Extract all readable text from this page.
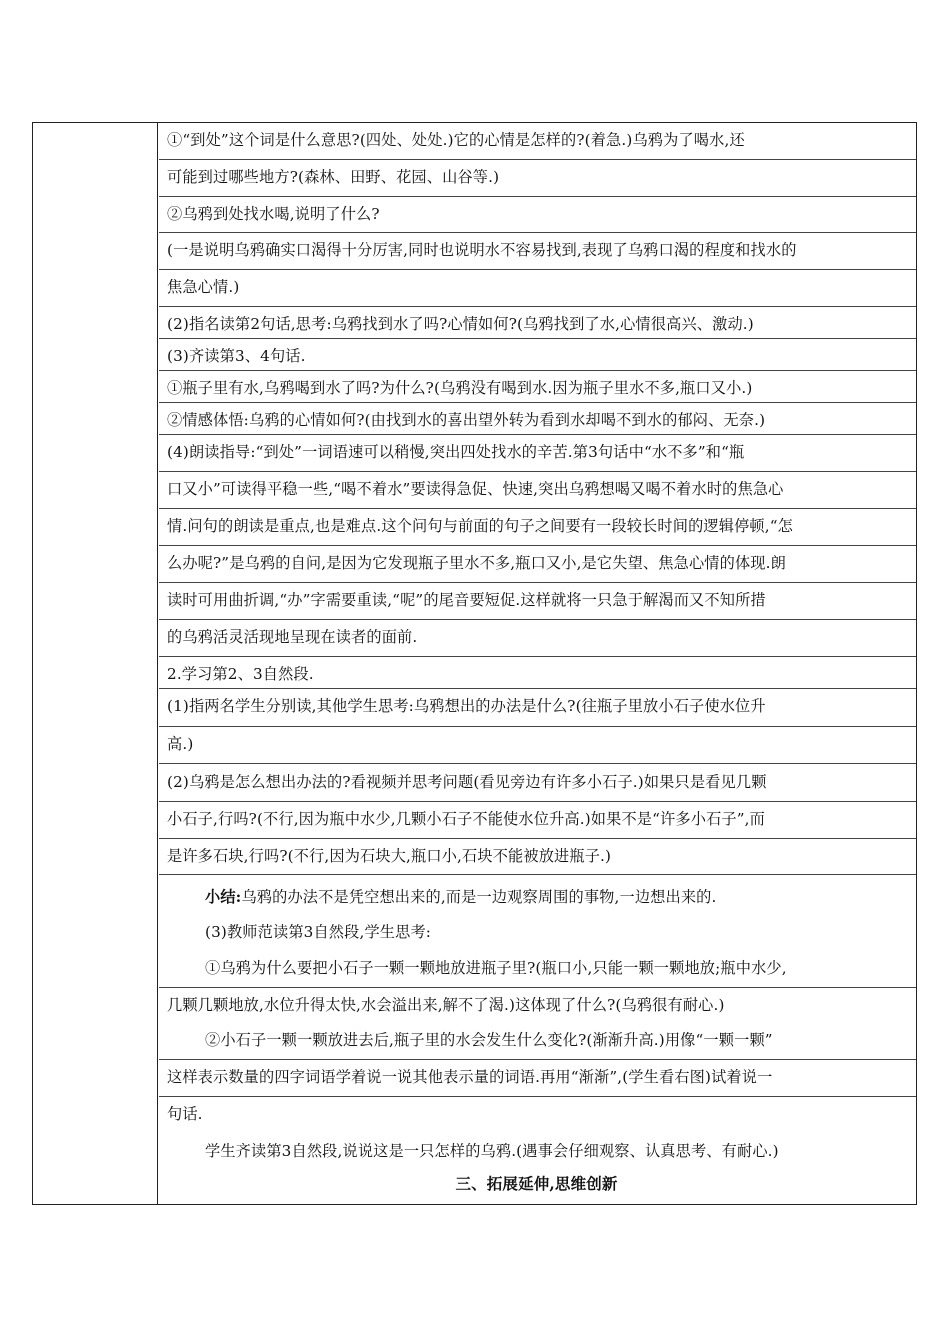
①“到处”这个词是什么意思?(四处、处处.)它的心情是怎样的?(着急.)乌鸦为了喝水,还
可能到过哪些地方?(森林、田野、花园、山谷等.)
②乌鸦到处找水喝,说明了什么?
(一是说明乌鸦确实口渴得十分厉害,同时也说明水不容易找到,表现了乌鸦口渴的程度和找水的
焦急心情.)
(2)指名读第2句话,思考:乌鸦找到水了吗?心情如何?(乌鸦找到了水,心情很高兴、激动.)
(3)齐读第3、4句话.
①瓶子里有水,乌鸦喝到水了吗?为什么?(乌鸦没有喝到水.因为瓶子里水不多,瓶口又小.)
②情感体悟:乌鸦的心情如何?(由找到水的喜出望外转为看到水却喝不到水的郁闷、无奈.)
(4)朗读指导:“到处”一词语速可以稍慢,突出四处找水的辛苦.第3句话中“水不多”和“瓶
口又小”可读得平稳一些,“喝不着水”要读得急促、快速,突出乌鸦想喝又喝不着水时的焦急心
情.问句的朗读是重点,也是难点.这个问句与前面的句子之间要有一段较长时间的逻辑停顿,“怎
么办呢?”是乌鸦的自问,是因为它发现瓶子里水不多,瓶口又小,是它失望、焦急心情的体现.朗
读时可用曲折调,“办”字需要重读,“呢”的尾音要短促.这样就将一只急于解渴而又不知所措
的乌鸦活灵活现地呈现在读者的面前.
2.学习第2、3自然段.
(1)指两名学生分别读,其他学生思考:乌鸦想出的办法是什么?(往瓶子里放小石子使水位升
高.)
(2)乌鸦是怎么想出办法的?看视频并思考问题(看见旁边有许多小石子.)如果只是看见几颗
小石子,行吗?(不行,因为瓶中水少,几颗小石子不能使水位升高.)如果不是“许多小石子”,而
是许多石块,行吗?(不行,因为石块大,瓶口小,石块不能被放进瓶子.)
小结:乌鸦的办法不是凭空想出来的,而是一边观察周围的事物,一边想出来的.
(3)教师范读第3自然段,学生思考:
①乌鸦为什么要把小石子一颗一颗地放进瓶子里?(瓶口小,只能一颗一颗地放;瓶中水少,
几颗几颗地放,水位升得太快,水会溢出来,解不了渴.)这体现了什么?(乌鸦很有耐心.)
②小石子一颗一颗放进去后,瓶子里的水会发生什么变化?(渐渐升高.)用像“一颗一颗”
这样表示数量的四字词语学着说一说其他表示量的词语.再用“渐渐”,(学生看右图)试着说一
句话.
学生齐读第3自然段,说说这是一只怎样的乌鸦.(遇事会仔细观察、认真思考、有耐心.)
三、拓展延伸,思维创新
